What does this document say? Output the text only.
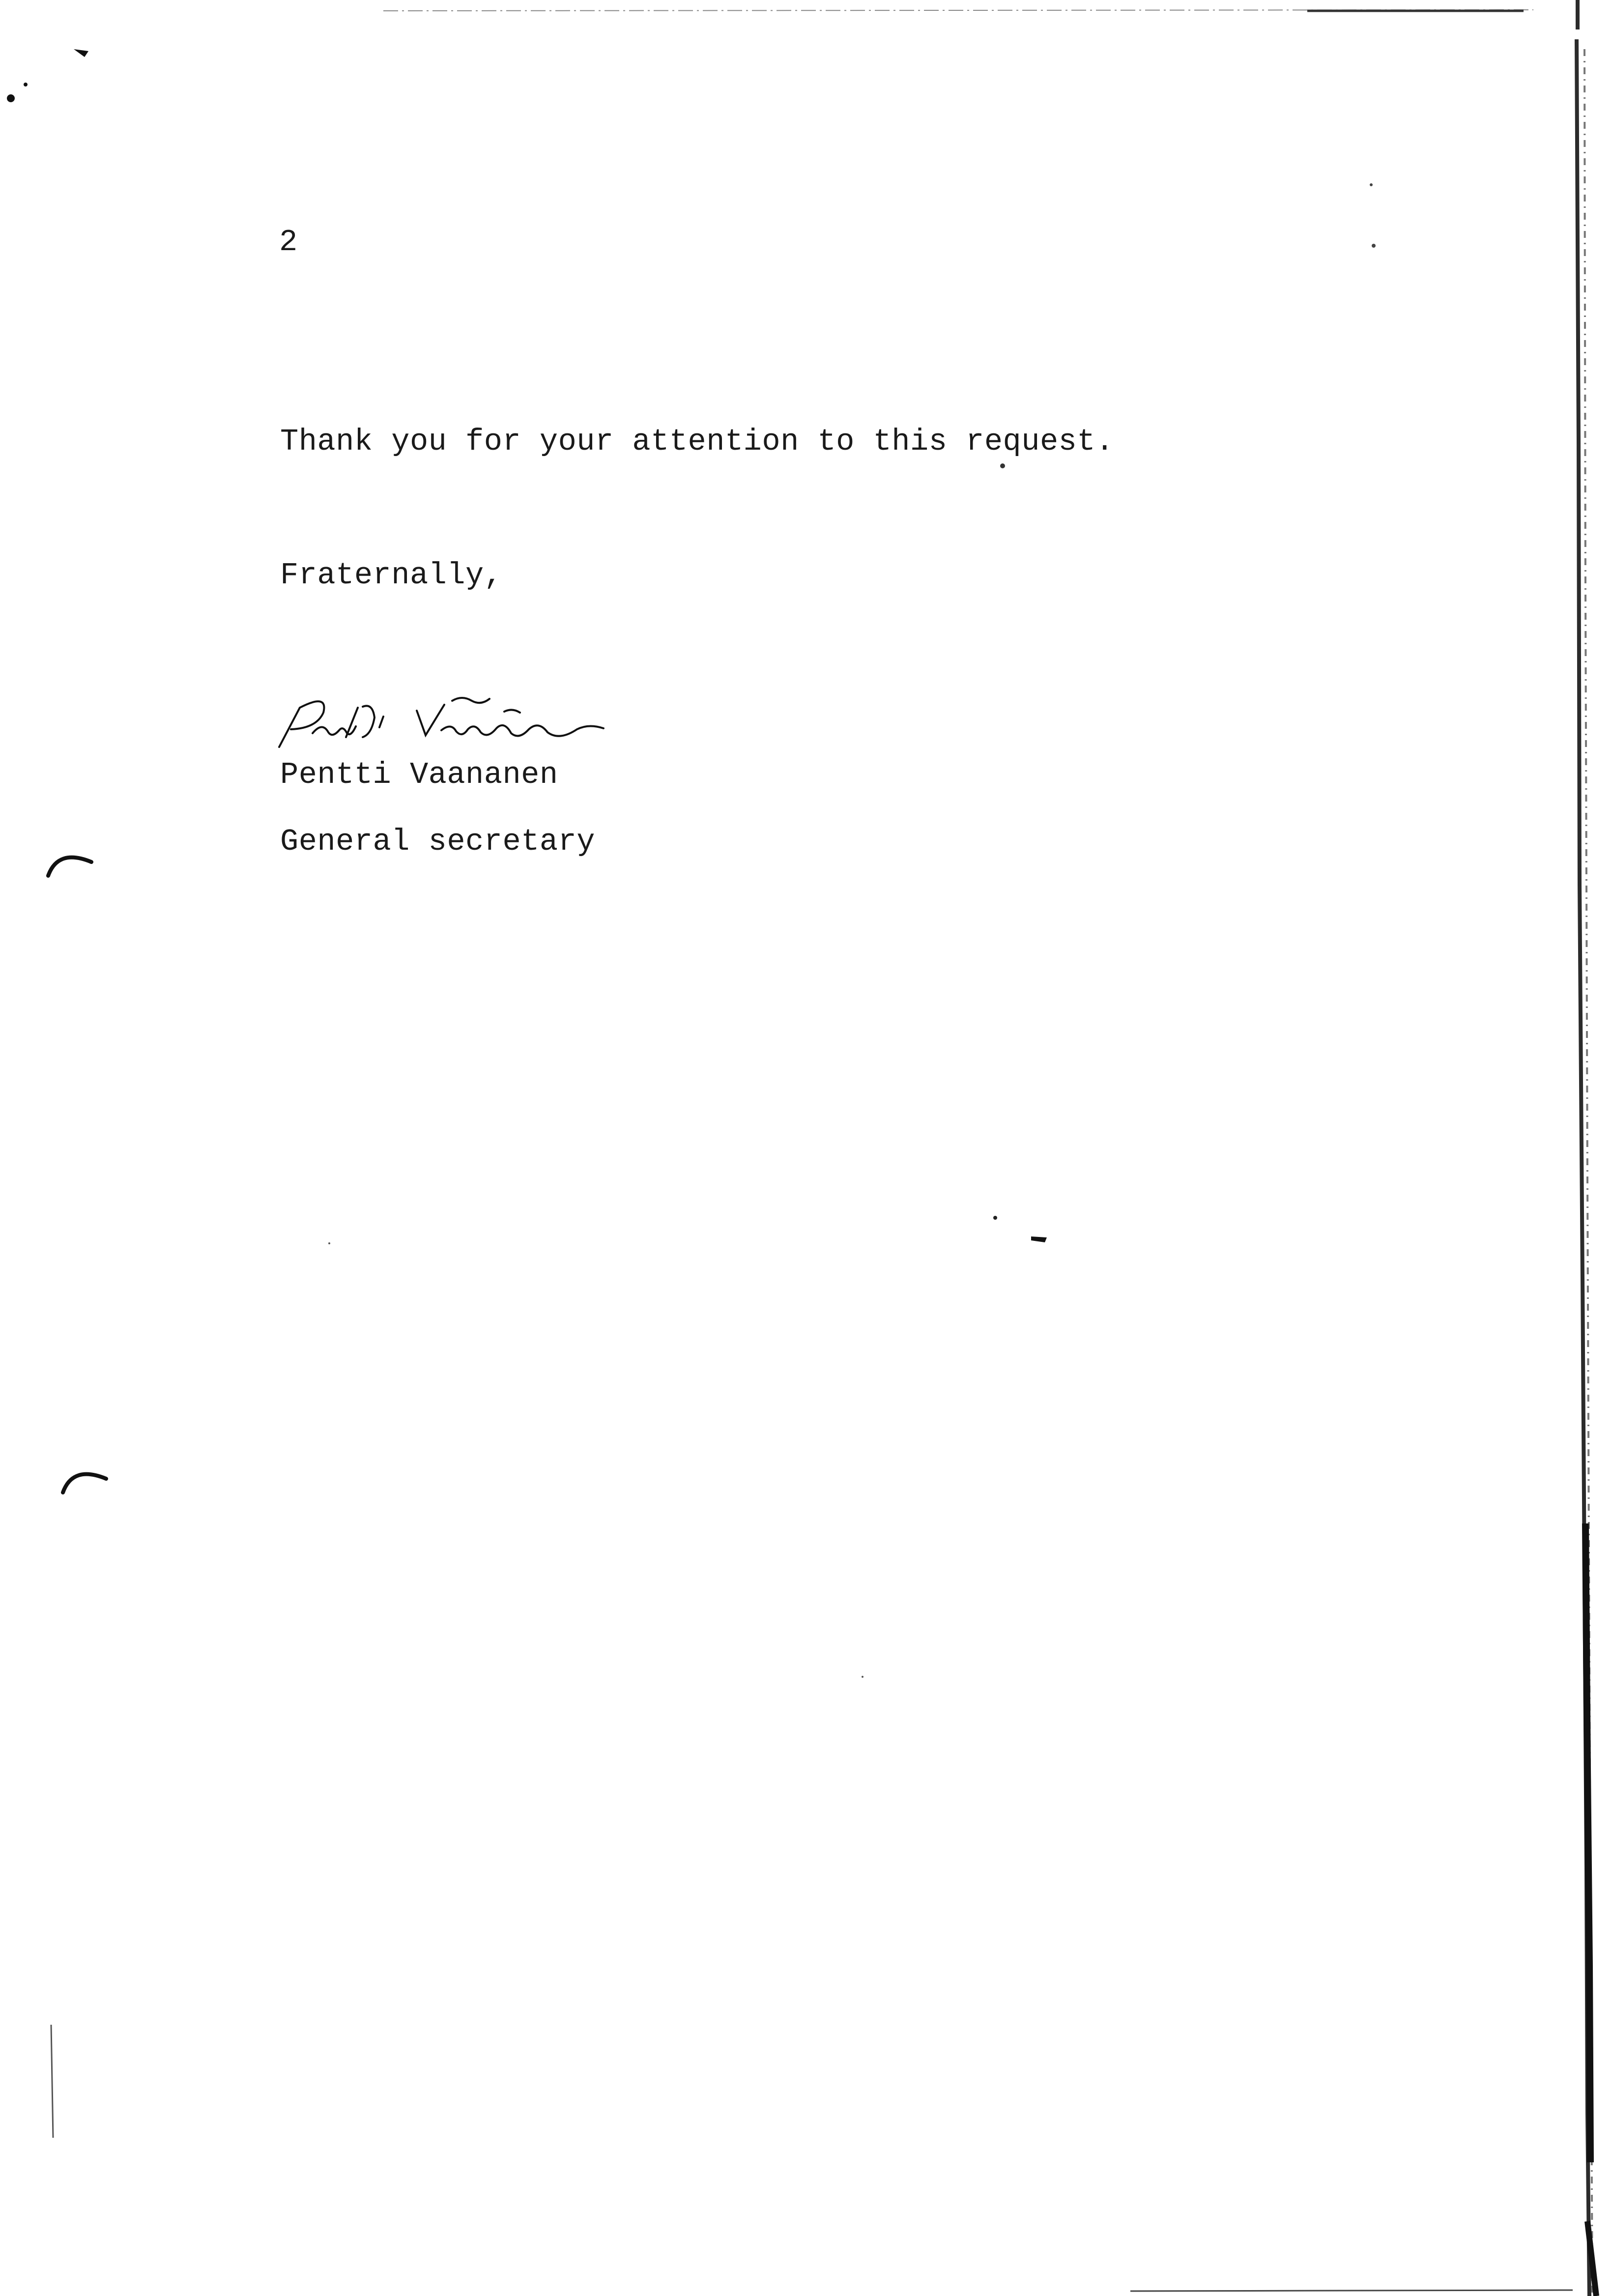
2
Thank you for your attention to this request.
Fraternally,
Pentti Vaananen
General secretary
